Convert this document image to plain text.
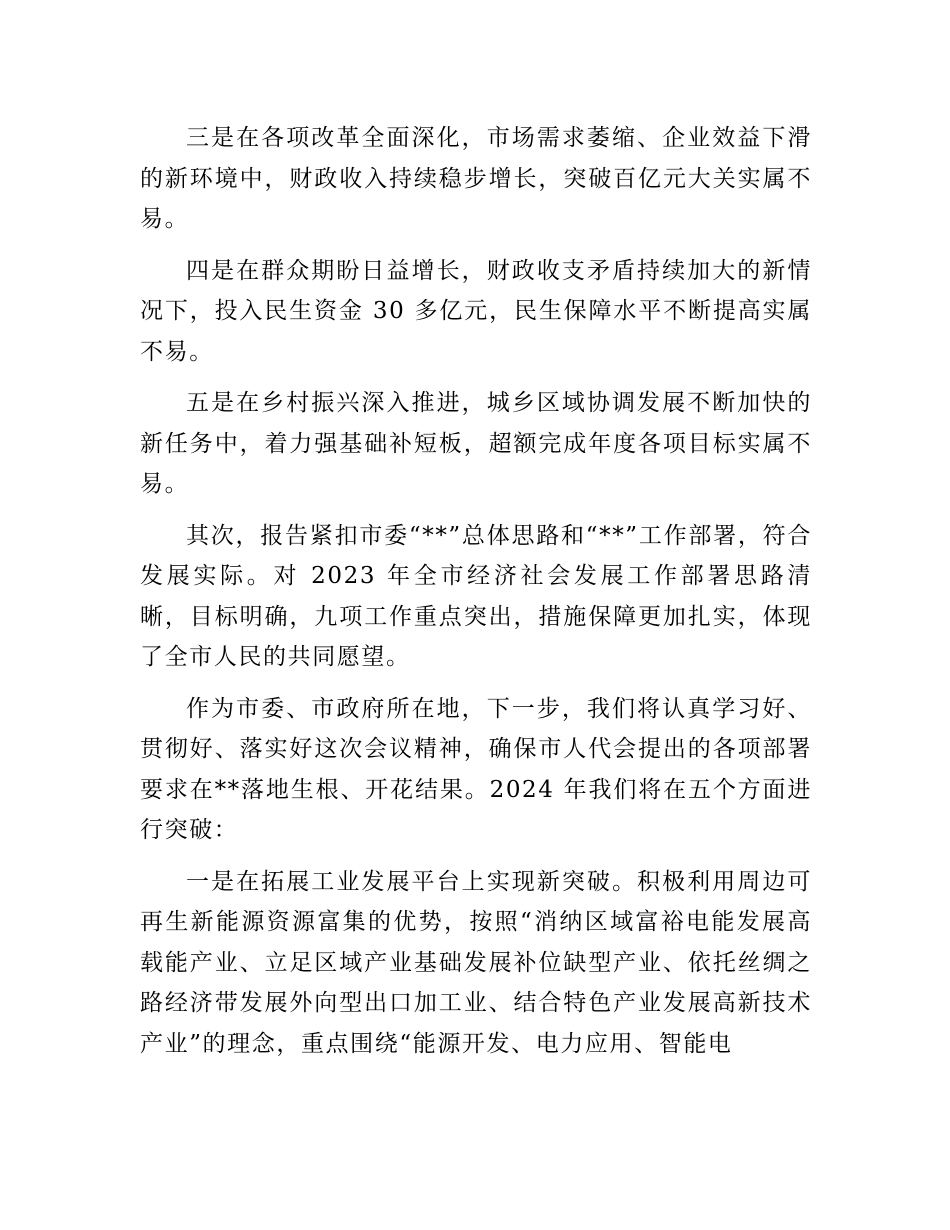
三是在各项改革全面深化，市场需求萎缩、企业效益下滑的新环境中，财政收入持续稳步增长，突破百亿元大关实属不易。

四是在群众期盼日益增长，财政收支矛盾持续加大的新情况下，投入民生资金 30 多亿元，民生保障水平不断提高实属不易。

五是在乡村振兴深入推进，城乡区域协调发展不断加快的新任务中，着力强基础补短板，超额完成年度各项目标实属不易。

其次，报告紧扣市委“**”总体思路和“**”工作部署，符合发展实际。对 2023 年全市经济社会发展工作部署思路清晰，目标明确，九项工作重点突出，措施保障更加扎实，体现了全市人民的共同愿望。

作为市委、市政府所在地，下一步，我们将认真学习好、贯彻好、落实好这次会议精神，确保市人代会提出的各项部署要求在**落地生根、开花结果。2024 年我们将在五个方面进行突破：

一是在拓展工业发展平台上实现新突破。积极利用周边可再生新能源资源富集的优势，按照“消纳区域富裕电能发展高载能产业、立足区域产业基础发展补位缺型产业、依托丝绸之路经济带发展外向型出口加工业、结合特色产业发展高新技术产业”的理念，重点围绕“能源开发、电力应用、智能电
